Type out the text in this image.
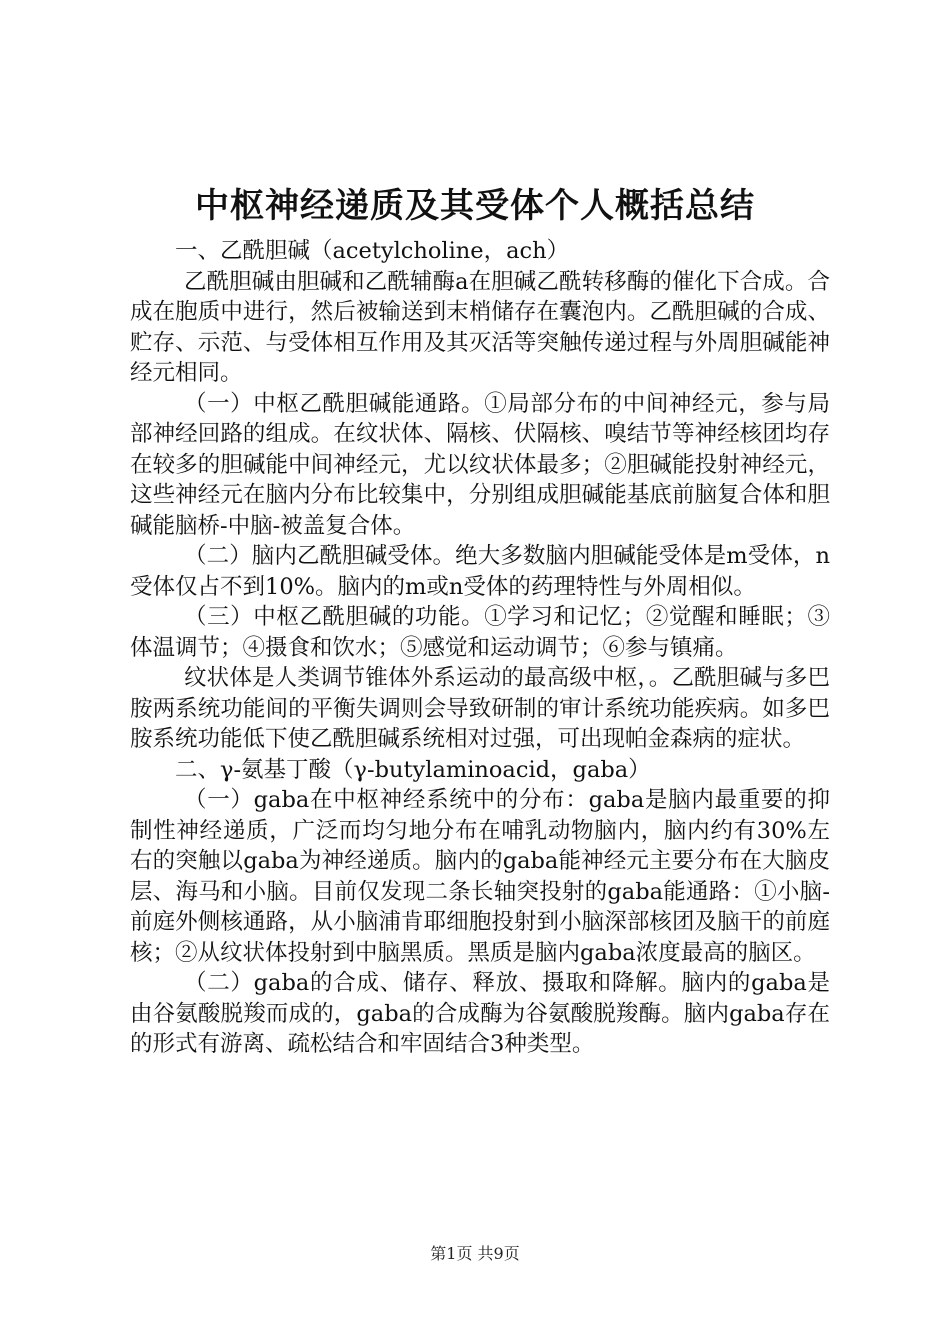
中枢神经递质及其受体个人概括总结

一、乙酰胆碱（acetylcholine，ach）

乙酰胆碱由胆碱和乙酰辅酶a在胆碱乙酰转移酶的催化下合成。合成在胞质中进行，然后被输送到末梢储存在囊泡内。乙酰胆碱的合成、贮存、示范、与受体相互作用及其灭活等突触传递过程与外周胆碱能神经元相同。

（一）中枢乙酰胆碱能通路。①局部分布的中间神经元，参与局部神经回路的组成。在纹状体、隔核、伏隔核、嗅结节等神经核团均存在较多的胆碱能中间神经元，尤以纹状体最多；②胆碱能投射神经元，这些神经元在脑内分布比较集中，分别组成胆碱能基底前脑复合体和胆碱能脑桥-中脑-被盖复合体。

（二）脑内乙酰胆碱受体。绝大多数脑内胆碱能受体是m受体，n受体仅占不到10%。脑内的m或n受体的药理特性与外周相似。

（三）中枢乙酰胆碱的功能。①学习和记忆；②觉醒和睡眠；③体温调节；④摄食和饮水；⑤感觉和运动调节；⑥参与镇痛。

纹状体是人类调节锥体外系运动的最高级中枢，。乙酰胆碱与多巴胺两系统功能间的平衡失调则会导致研制的审计系统功能疾病。如多巴胺系统功能低下使乙酰胆碱系统相对过强，可出现帕金森病的症状。

二、γ-氨基丁酸（γ-butylaminoacid，gaba）

（一）gaba在中枢神经系统中的分布：gaba是脑内最重要的抑制性神经递质，广泛而均匀地分布在哺乳动物脑内，脑内约有30%左右的突触以gaba为神经递质。脑内的gaba能神经元主要分布在大脑皮层、海马和小脑。目前仅发现二条长轴突投射的gaba能通路：①小脑-前庭外侧核通路，从小脑浦肯耶细胞投射到小脑深部核团及脑干的前庭核；②从纹状体投射到中脑黑质。黑质是脑内gaba浓度最高的脑区。

（二）gaba的合成、储存、释放、摄取和降解。脑内的gaba是由谷氨酸脱羧而成的，gaba的合成酶为谷氨酸脱羧酶。脑内gaba存在的形式有游离、疏松结合和牢固结合3种类型。

第1页 共9页
